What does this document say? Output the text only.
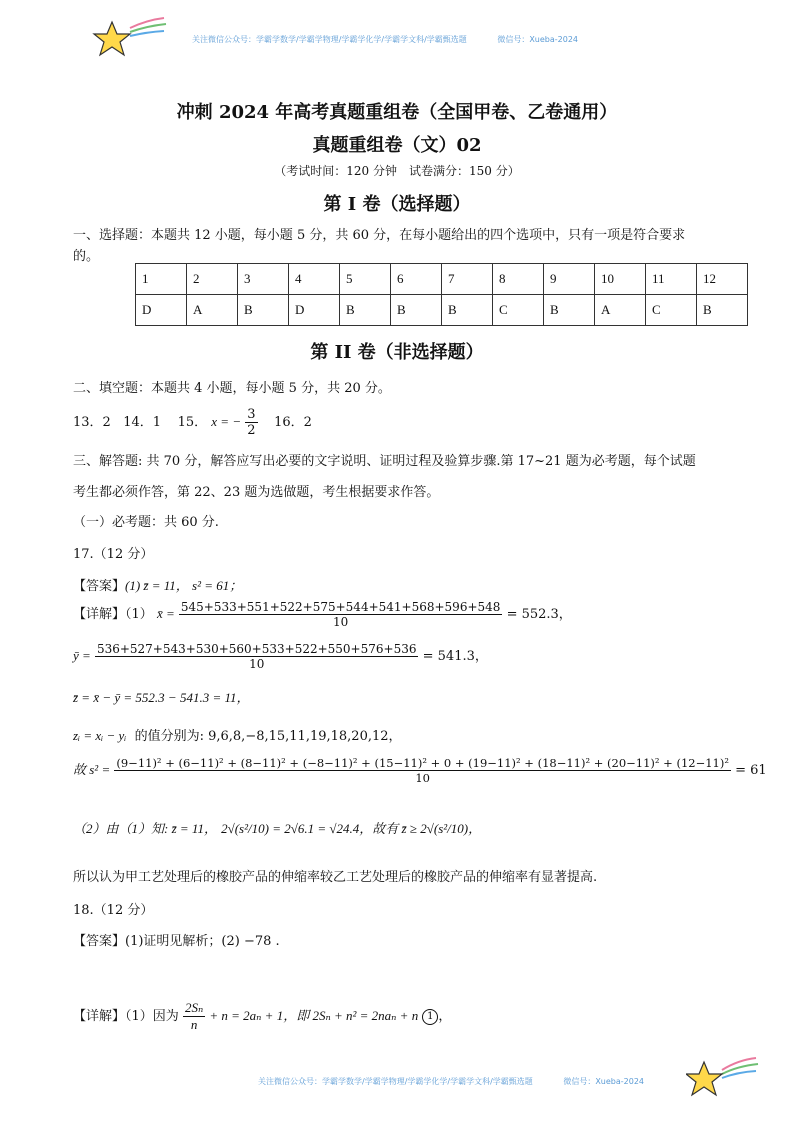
关注微信公众号：学霸学数学/学霸学物理/学霸学化学/学霸学文科/学霸甄选题	微信号：Xueba-2024
冲刺 2024 年高考真题重组卷（全国甲卷、乙卷通用）
真题重组卷（文）02
（考试时间：120 分钟　试卷满分：150 分）
第 I 卷（选择题）
一、选择题：本题共 12 小题，每小题 5 分，共 60 分，在每小题给出的四个选项中，只有一项是符合要求
的。
1	2	3	4	5	6	7	8	9	10	11	12
D	A	B	D	B	B	B	C	B	A	C	B
第 II 卷（非选择题）
二、填空题：本题共 4 小题，每小题 5 分，共 20 分。
13．2 14．1 15． x = − $\frac{3}{2} 16$．2
三、解答题: 共 70 分，解答应写出必要的文字说明、证明过程及验算步骤.第 17~21 题为必考题，每个试题
考生都必须作答，第 22、23 题为选做题，考生根据要求作答。
（一）必考题：共 60 分.
17.（12 分）
【答案】(1) z̄ = 11， s² = 61；
【详解】（1） x̄ = $\frac{545+533+551+522+575+544+541+568+596+548}{10} = 552.3$，
ȳ = $\frac{536+527+543+530+560+533+522+550+576+536}{10} = 541.3$，
z̄ = x̄ − ȳ = 552.3 − 541.3 = 11，
zᵢ = xᵢ − yᵢ 的值分别为: 9,6,8,−8,15,11,19,18,20,12，
故 s² = (9−11)² + (6−11)² + (8−11)² + (−8−11)² + (15−11)² + 0 + (19−11)² + (18−11)² + (20−11)² + (12−11)²
10	= 61
（2）由（1）知: z̄ = 11， 2√(s²/10) = 2√6.1 = √24.4，故有 z̄ ≥ 2√(s²/10)，
所以认为甲工艺处理后的橡胶产品的伸缩率较乙工艺处理后的橡胶产品的伸缩率有显著提高.
18.（12 分）
【答案】(1)证明见解析；(2) −78 .
【详解】（1）因为 $\frac{\text{2Sₙ}}{n} + n = 2a_n + 1$，即 2Sₙ + n² = 2naₙ + n 1 ，
关注微信公众号：学霸学数学/学霸学物理/学霸学化学/学霸学文科/学霸甄选题	微信号：Xueba-2024
